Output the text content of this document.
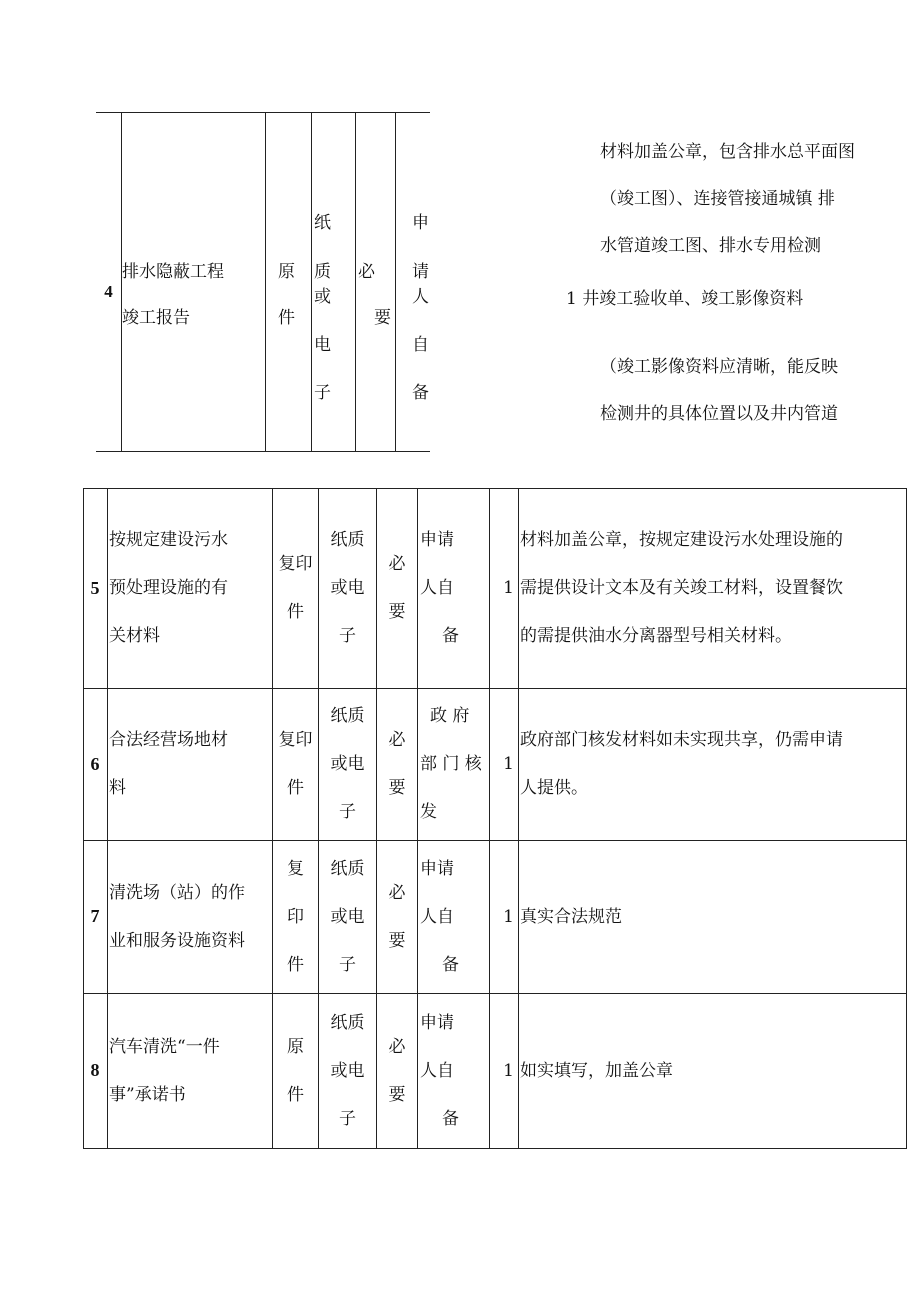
4
排水隐蔽工程
竣工报告
原
件
纸
质
或
电
子
必
要
申
请
人
自
备
材料加盖公章，包含排水总平面图
（竣工图）、连接管接通城镇 排
水管道竣工图、排水专用检测
1 井竣工验收单、竣工影像资料
（竣工影像资料应清晰，能反映
检测井的具体位置以及井内管道
5
按规定建设污水
预处理设施的有
关材料
复印
件
纸质
或电
子
必
要
申请
人自
备
1
材料加盖公章，按规定建设污水处理设施的
需提供设计文本及有关竣工材料，设置餐饮
的需提供油水分离器型号相关材料。
6
合法经营场地材
料
复印
件
纸质
或电
子
必
要
政 府
部 门 核
发
1
政府部门核发材料如未实现共享，仍需申请
人提供。
7
清洗场（站）的作
业和服务设施资料
复
印
件
纸质
或电
子
必
要
申请
人自
备
1 真实合法规范
8
汽车清洗“一件
事”承诺书
原
件
纸质
或电
子
必
要
申请
人自
备
1 如实填写，加盖公章
